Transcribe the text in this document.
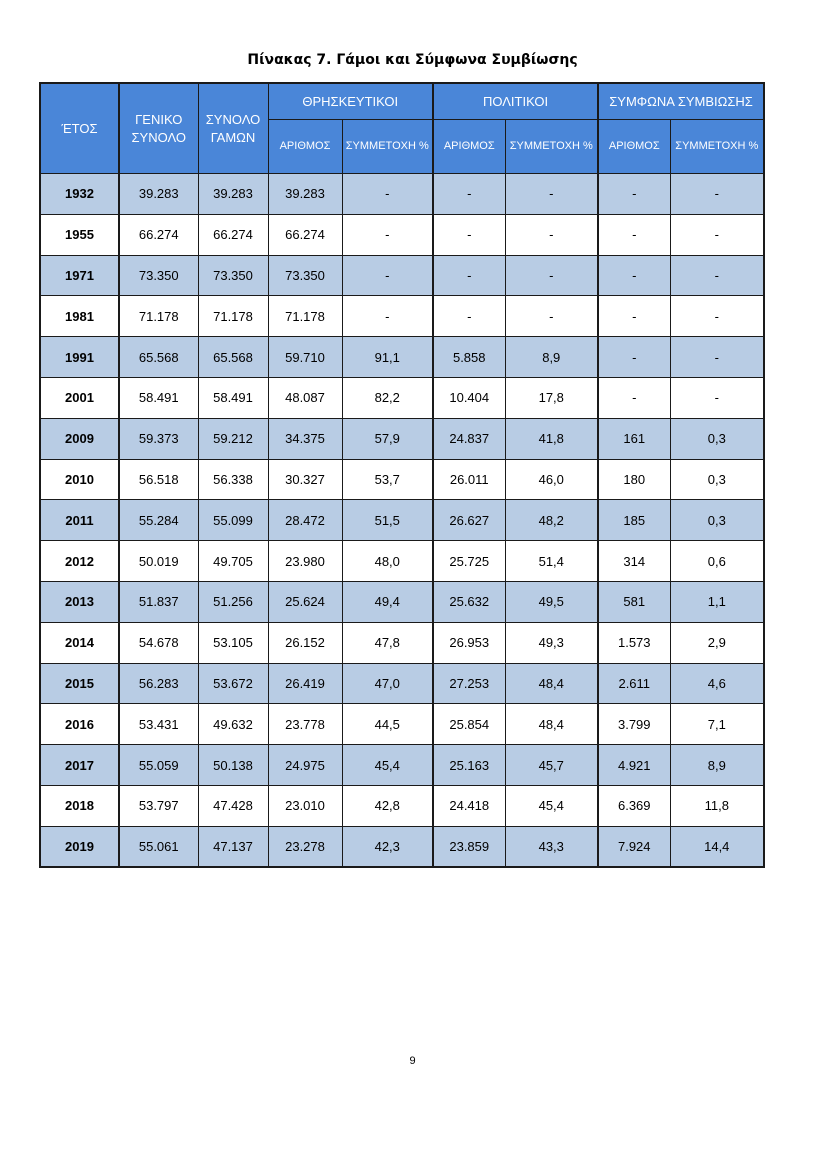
Πίνακας 7. Γάμοι και Σύμφωνα Συμβίωσης
ΈΤΟΣ	ΓΕΝΙΚΟ ΣΥΝΟΛΟ	ΣΥΝΟΛΟ ΓΑΜΩΝ	ΘΡΗΣΚΕΥΤΙΚΟΙ		ΠΟΛΙΤΙΚΟΙ		ΣΥΜΦΩΝΑ ΣΥΜΒΙΩΣΗΣ	
			ΑΡΙΘΜΟΣ	ΣΥΜΜΕΤΟΧΗ %	ΑΡΙΘΜΟΣ	ΣΥΜΜΕΤΟΧΗ %	ΑΡΙΘΜΟΣ	ΣΥΜΜΕΤΟΧΗ %
1932	39.283	39.283	39.283	-	-	-	-	-
1955	66.274	66.274	66.274	-	-	-	-	-
1971	73.350	73.350	73.350	-	-	-	-	-
1981	71.178	71.178	71.178	-	-	-	-	-
1991	65.568	65.568	59.710	91,1	5.858	8,9	-	-
2001	58.491	58.491	48.087	82,2	10.404	17,8	-	-
2009	59.373	59.212	34.375	57,9	24.837	41,8	161	0,3
2010	56.518	56.338	30.327	53,7	26.011	46,0	180	0,3
2011	55.284	55.099	28.472	51,5	26.627	48,2	185	0,3
2012	50.019	49.705	23.980	48,0	25.725	51,4	314	0,6
2013	51.837	51.256	25.624	49,4	25.632	49,5	581	1,1
2014	54.678	53.105	26.152	47,8	26.953	49,3	1.573	2,9
2015	56.283	53.672	26.419	47,0	27.253	48,4	2.611	4,6
2016	53.431	49.632	23.778	44,5	25.854	48,4	3.799	7,1
2017	55.059	50.138	24.975	45,4	25.163	45,7	4.921	8,9
2018	53.797	47.428	23.010	42,8	24.418	45,4	6.369	11,8
2019	55.061	47.137	23.278	42,3	23.859	43,3	7.924	14,4
9
